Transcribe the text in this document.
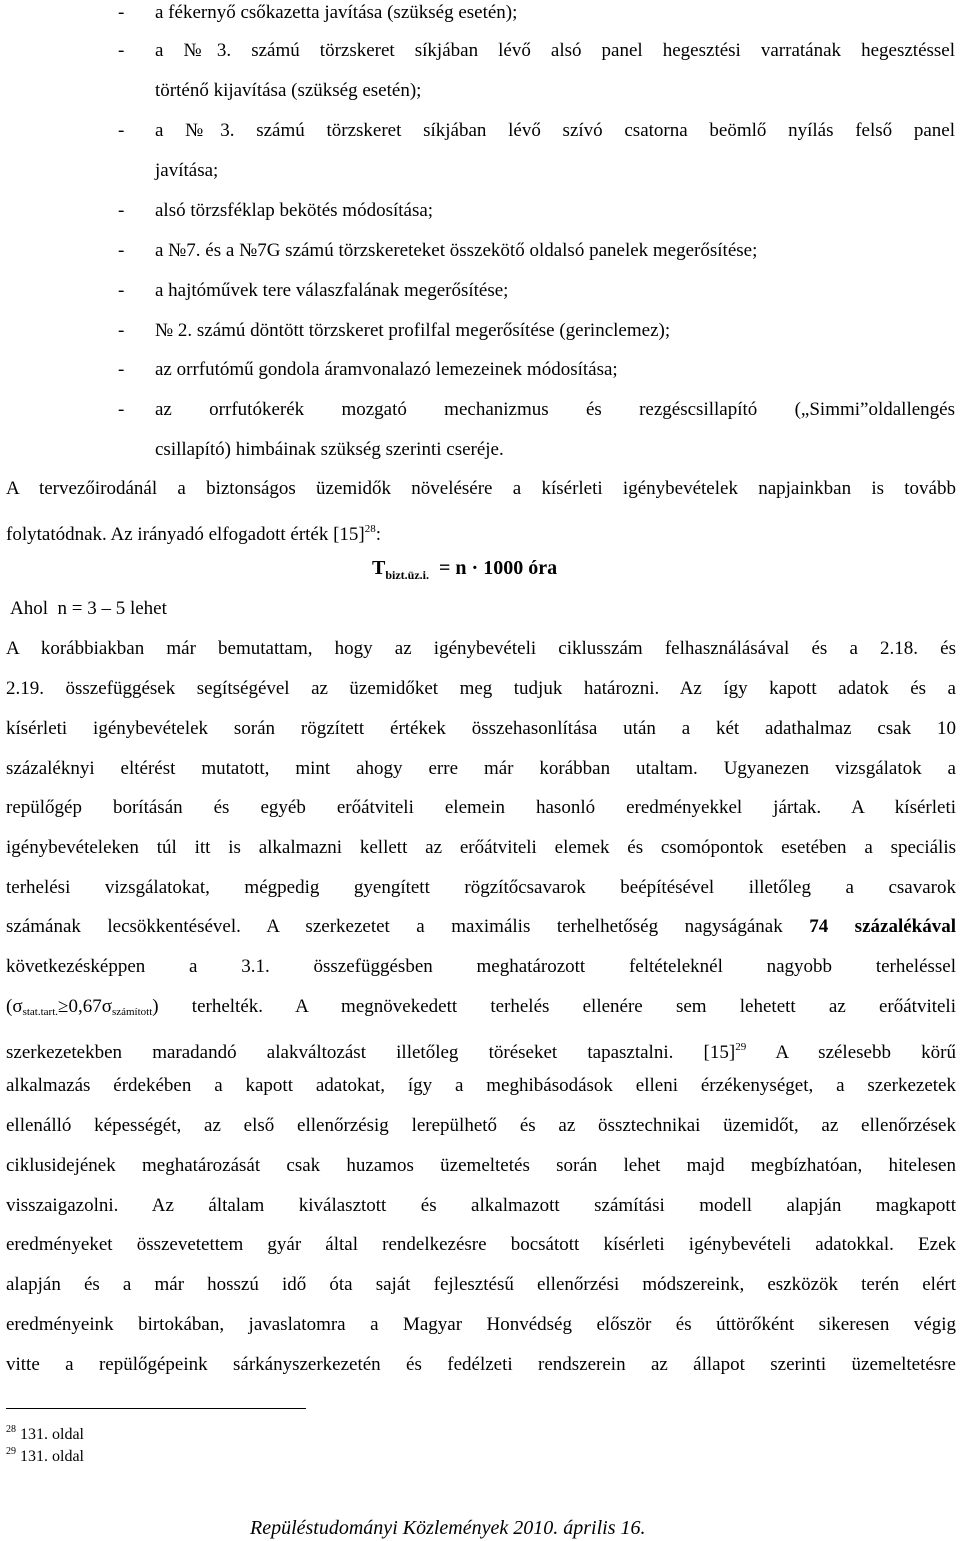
- a fékernyő csőkazetta javítása (szükség esetén);
- a №3. számú törzskeret síkjában lévő alsó panel hegesztési varratának hegesztéssel
történő kijavítása (szükség esetén);
- a №3. számú törzskeret síkjában lévő szívó csatorna beömlő nyílás felső panel
javítása;
- alsó törzsféklap bekötés módosítása;
- a №7. és a №7G számú törzskereteket összekötő oldalsó panelek megerősítése;
- a hajtóművek tere válaszfalának megerősítése;
- № 2. számú döntött törzskeret profilfal megerősítése (gerinclemez);
- az orrfutómű gondola áramvonalazó lemezeinek módosítása;
- az orrfutókerék mozgató mechanizmus és rezgéscsillapító („Simmi”oldallengés
csillapító) himbáinak szükség szerinti cseréje.
A tervezőirodánál a biztonságos üzemidők növelésére a kísérleti igénybevételek napjainkban is tovább
folytatódnak. Az irányadó elfogadott érték $[15]^{28}$:
$T_{bizt.üz.i.} = n \cdot 1000$ óra
Ahol  n = 3 – 5 lehet
A korábbiakban már bemutattam, hogy az igénybevételi ciklusszám felhasználásával és a 2.18. és
2.19. összefüggések segítségével az üzemidőket meg tudjuk határozni. Az így kapott adatok és a
kísérleti igénybevételek során rögzített értékek összehasonlítása után a két adathalmaz csak 10
százaléknyi eltérést mutatott, mint ahogy erre már korábban utaltam. Ugyanezen vizsgálatok a
repülőgép borításán és egyéb erőátviteli elemein hasonló eredményekkel jártak. A kísérleti
igénybevételeken túl itt is alkalmazni kellett az erőátviteli elemek és csomópontok esetében a speciális
terhelési vizsgálatokat, mégpedig gyengített rögzítőcsavarok beépítésével illetőleg a csavarok
számának lecsökkentésével. A szerkezetet a maximális terhelhetőség nagyságának 74 százalékával
következésképpen a 3.1. összefüggésben meghatározott feltételeknél nagyobb terheléssel
$(\sigma_{stat.tart.}\ge 0,67\sigma_{számított})$ terhelték. A megnövekedett terhelés ellenére sem lehetett az erőátviteli
szerkezetekben maradandó alakváltozást illetőleg töréseket tapasztalni. $[15]^{29}$ A szélesebb körű
alkalmazás érdekében a kapott adatokat, így a meghibásodások elleni érzékenységet, a szerkezetek
ellenálló képességét, az első ellenőrzésig lerepülhető és az össztechnikai üzemidőt, az ellenőrzések
ciklusidejének meghatározását csak huzamos üzemeltetés során lehet majd megbízhatóan, hitelesen
visszaigazolni. Az általam kiválasztott és alkalmazott számítási modell alapján magkapott
eredményeket összevetettem gyár által rendelkezésre bocsátott kísérleti igénybevételi adatokkal. Ezek
alapján és a már hosszú idő óta saját fejlesztésű ellenőrzési módszereink, eszközök terén elért
eredményeink birtokában, javaslatomra a Magyar Honvédség először és úttörőként sikeresen végig
vitte a repülőgépeink sárkányszerkezetén és fedélzeti rendszerein az állapot szerinti üzemeltetésre
$^{28}$ 131. oldal
$^{29}$ 131. oldal
Repüléstudományi Közlemények 2010. április 16.
